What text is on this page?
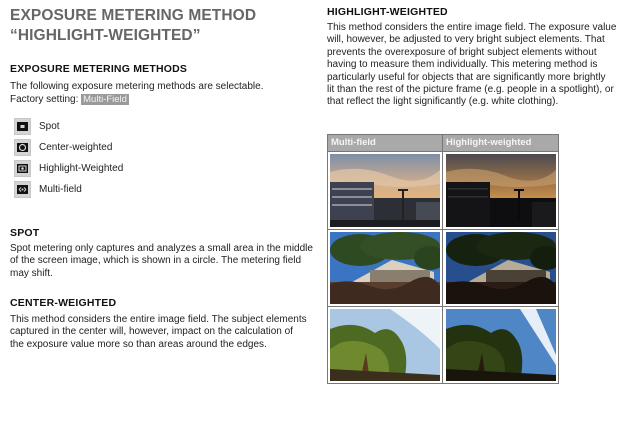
EXPOSURE METERING METHOD “HIGHLIGHT-WEIGHTED”
EXPOSURE METERING METHODS
The following exposure metering methods are selectable.
Factory setting: Multi-Field
Spot
Center-weighted
Highlight-Weighted
Multi-field
SPOT
Spot metering only captures and analyzes a small area in the middle
of the screen image, which is shown in a circle. The metering field
may shift.
CENTER-WEIGHTED
This method considers the entire image field. The subject elements
captured in the center will, however, impact on the calculation of
the exposure value more so than areas around the edges.
HIGHLIGHT-WEIGHTED
This method considers the entire image field. The exposure value
will, however, be adjusted to very bright subject elements. That
prevents the overexposure of bright subject elements without
having to measure them individually. This metering method is
particularly useful for objects that are significantly more brightly
lit than the rest of the picture frame (e.g. people in a spotlight), or
that reflect the light significantly (e.g. white clothing).
Multi-field	Highlight-weighted
